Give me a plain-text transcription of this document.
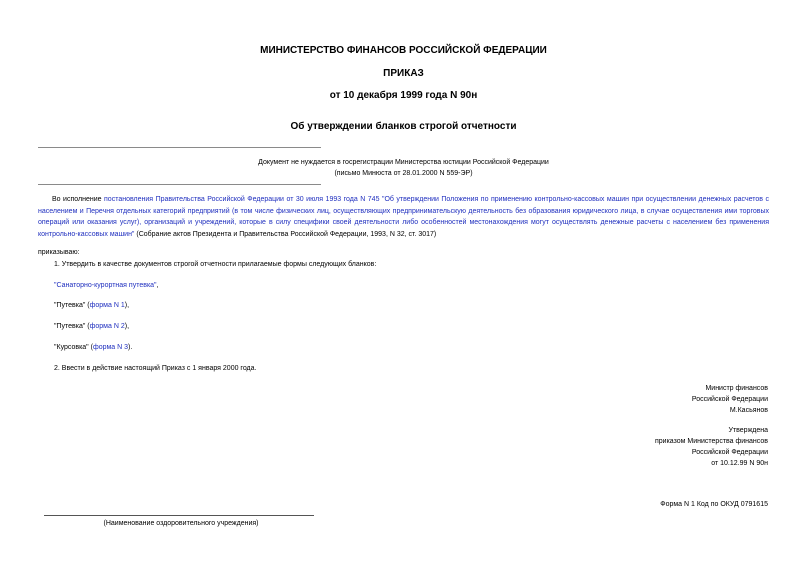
МИНИСТЕРСТВО ФИНАНСОВ РОССИЙСКОЙ ФЕДЕРАЦИИ

ПРИКАЗ

от 10 декабря 1999 года N 90н

Об утверждении бланков строгой отчетности

Документ не нуждается в госрегистрации Министерства юстиции Российской Федерации

(письмо Минюста от 28.01.2000 N 559-ЭР)

Во исполнение постановления Правительства Российской Федерации от 30 июля 1993 года N 745 "Об утверждении Положения по применению контрольно-кассовых машин при осуществлении денежных расчетов с населением и Перечня отдельных категорий предприятий (в том числе физических лиц, осуществляющих предпринимательскую деятельность без образования юридического лица, в случае осуществления ими торговых операций или оказания услуг), организаций и учреждений, которые в силу специфики своей деятельности либо особенностей местонахождения могут осуществлять денежные расчеты с населением без применения контрольно-кассовых машин" (Собрание актов Президента и Правительства Российской Федерации, 1993, N 32, ст. 3017)

приказываю:

1. Утвердить в качестве документов строгой отчетности прилагаемые формы следующих бланков:

"Санаторно-курортная путевка",

"Путевка" (форма N 1),

"Путевка" (форма N 2),

"Курсовка" (форма N 3).

2. Ввести в действие настоящий Приказ с 1 января 2000 года.

Министр финансов

Российской Федерации

М.Касьянов

Утверждена

приказом Министерства финансов

Российской Федерации

от 10.12.99 N 90н

Форма N 1 Код по ОКУД 0791615

(Наименование оздоровительного учреждения)
